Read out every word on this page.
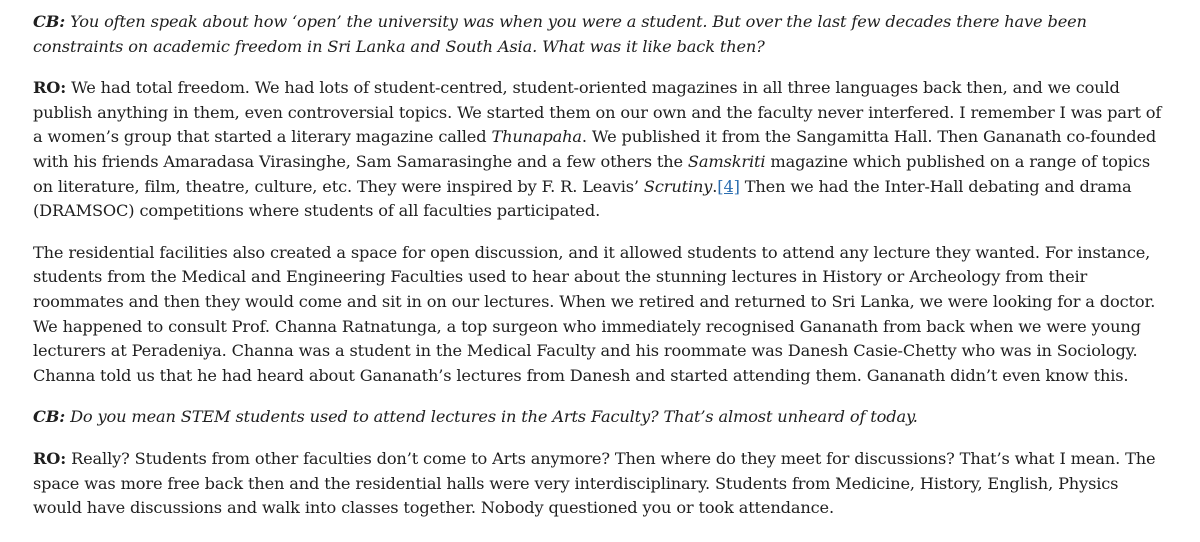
CB: You often speak about how ‘open’ the university was when you were a student. But over the last few decades there have been constraints on academic freedom in Sri Lanka and South Asia. What was it like back then?

RO: We had total freedom. We had lots of student-centred, student-oriented magazines in all three languages back then, and we could publish anything in them, even controversial topics. We started them on our own and the faculty never interfered. I remember I was part of a women’s group that started a literary magazine called Thunapaha. We published it from the Sangamitta Hall. Then Gananath co-founded with his friends Amaradasa Virasinghe, Sam Samarasinghe and a few others the Samskriti magazine which published on a range of topics on literature, film, theatre, culture, etc. They were inspired by F. R. Leavis’ Scrutiny.[4] Then we had the Inter-Hall debating and drama (DRAMSOC) competitions where students of all faculties participated.

The residential facilities also created a space for open discussion, and it allowed students to attend any lecture they wanted. For instance, students from the Medical and Engineering Faculties used to hear about the stunning lectures in History or Archeology from their roommates and then they would come and sit in on our lectures. When we retired and returned to Sri Lanka, we were looking for a doctor. We happened to consult Prof. Channa Ratnatunga, a top surgeon who immediately recognised Gananath from back when we were young lecturers at Peradeniya. Channa was a student in the Medical Faculty and his roommate was Danesh Casie-Chetty who was in Sociology. Channa told us that he had heard about Gananath’s lectures from Danesh and started attending them. Gananath didn’t even know this.

CB: Do you mean STEM students used to attend lectures in the Arts Faculty? That’s almost unheard of today.

RO: Really? Students from other faculties don’t come to Arts anymore? Then where do they meet for discussions? That’s what I mean. The space was more free back then and the residential halls were very interdisciplinary. Students from Medicine, History, English, Physics would have discussions and walk into classes together. Nobody questioned you or took attendance.
